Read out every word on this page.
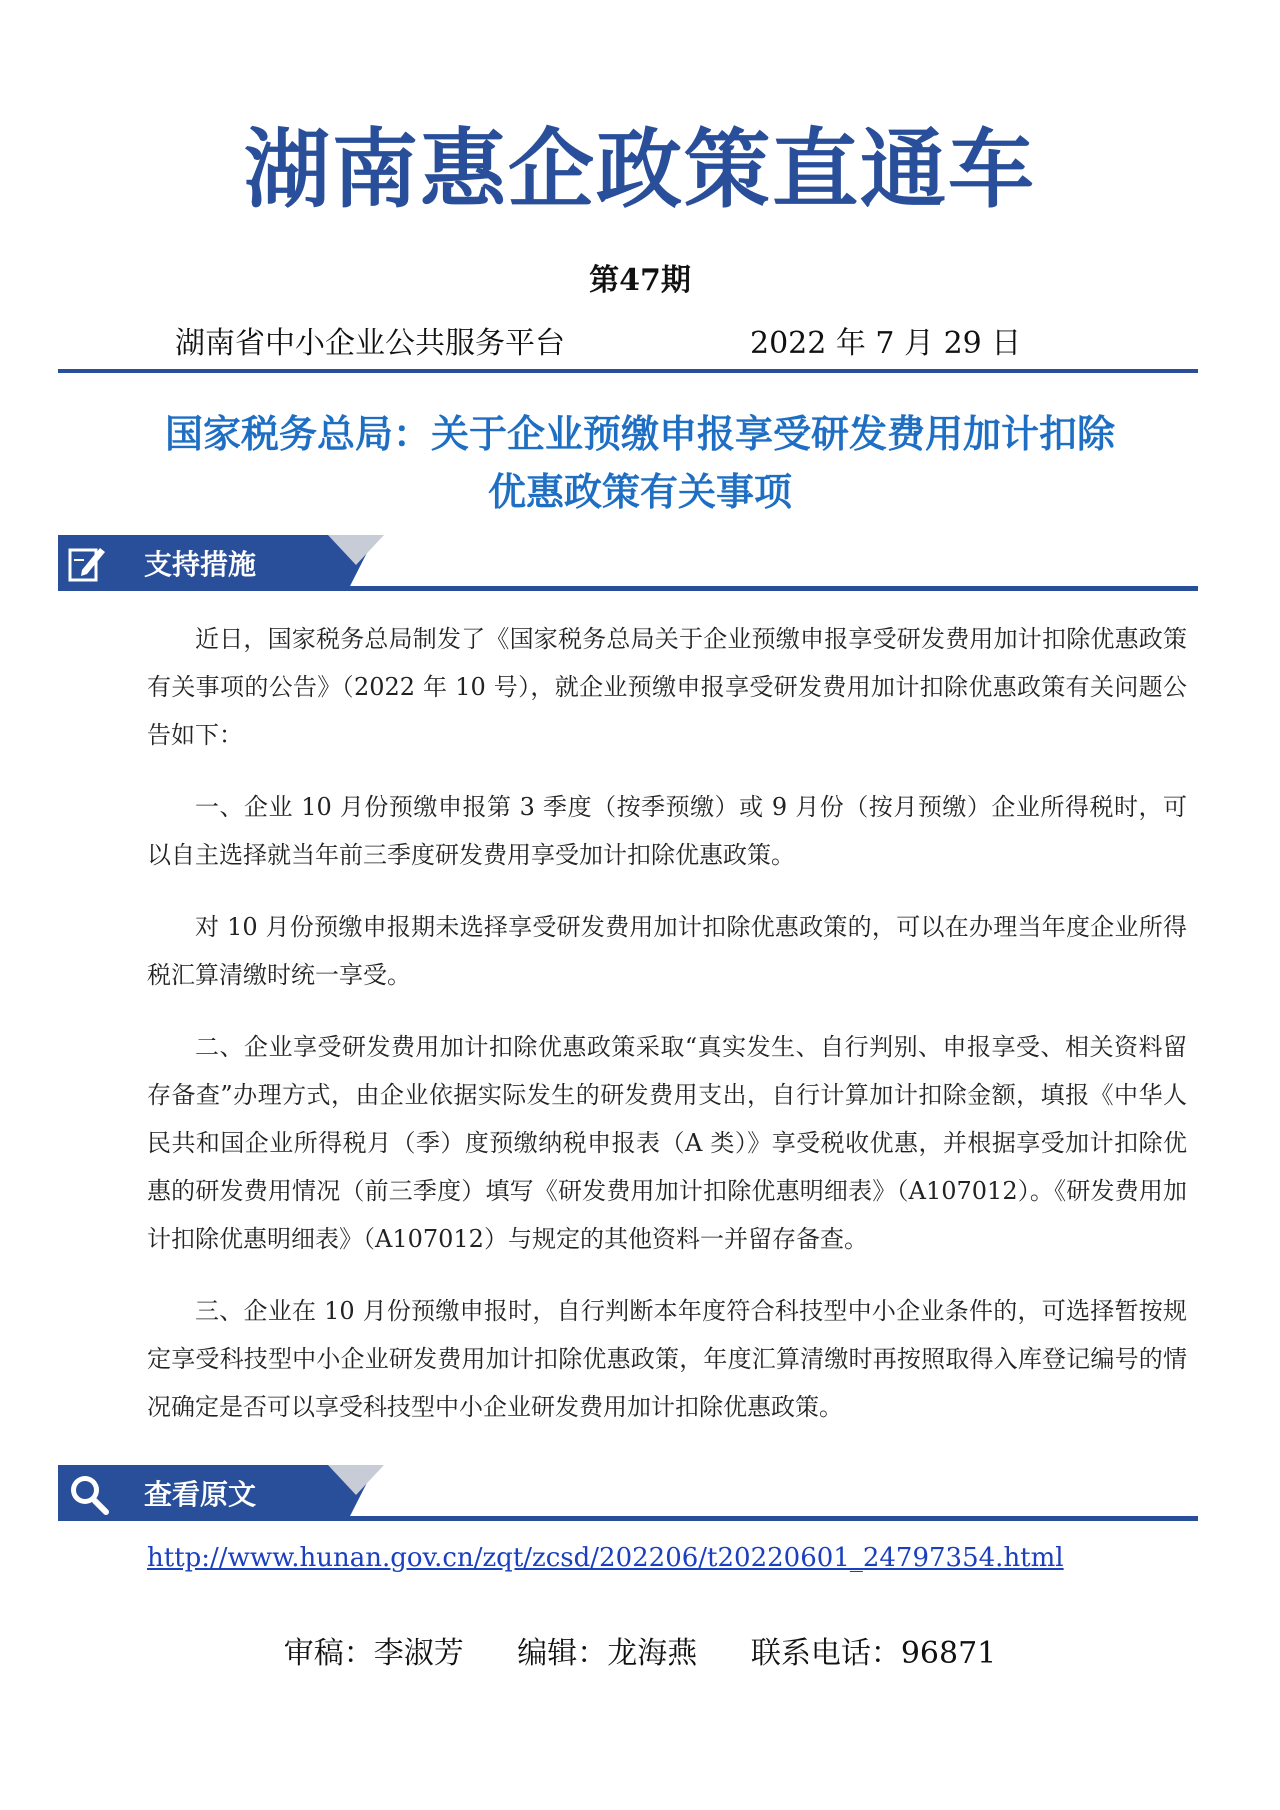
湖南惠企政策直通车
第47期
湖南省中小企业公共服务平台	2022 年 7 月 29 日
国家税务总局：关于企业预缴申报享受研发费用加计扣除
优惠政策有关事项
支持措施

近日，国家税务总局制发了《国家税务总局关于企业预缴申报享受研发费用加计扣除优惠政策有关事项的公告》（2022 年 10 号），就企业预缴申报享受研发费用加计扣除优惠政策有关问题公告如下：

一、企业 10 月份预缴申报第 3 季度（按季预缴）或 9 月份（按月预缴）企业所得税时，可以自主选择就当年前三季度研发费用享受加计扣除优惠政策。

对 10 月份预缴申报期未选择享受研发费用加计扣除优惠政策的，可以在办理当年度企业所得税汇算清缴时统一享受。

二、企业享受研发费用加计扣除优惠政策采取“真实发生、自行判别、申报享受、相关资料留存备查”办理方式，由企业依据实际发生的研发费用支出，自行计算加计扣除金额，填报《中华人民共和国企业所得税月（季）度预缴纳税申报表（A 类）》享受税收优惠，并根据享受加计扣除优惠的研发费用情况（前三季度）填写《研发费用加计扣除优惠明细表》（A107012）。《研发费用加计扣除优惠明细表》（A107012）与规定的其他资料一并留存备查。

三、企业在 10 月份预缴申报时，自行判断本年度符合科技型中小企业条件的，可选择暂按规定享受科技型中小企业研发费用加计扣除优惠政策，年度汇算清缴时再按照取得入库登记编号的情况确定是否可以享受科技型中小企业研发费用加计扣除优惠政策。

查看原文
http://www.hunan.gov.cn/zqt/zcsd/202206/t20220601_24797354.html
审稿：李淑芳 编辑：龙海燕 联系电话：96871
